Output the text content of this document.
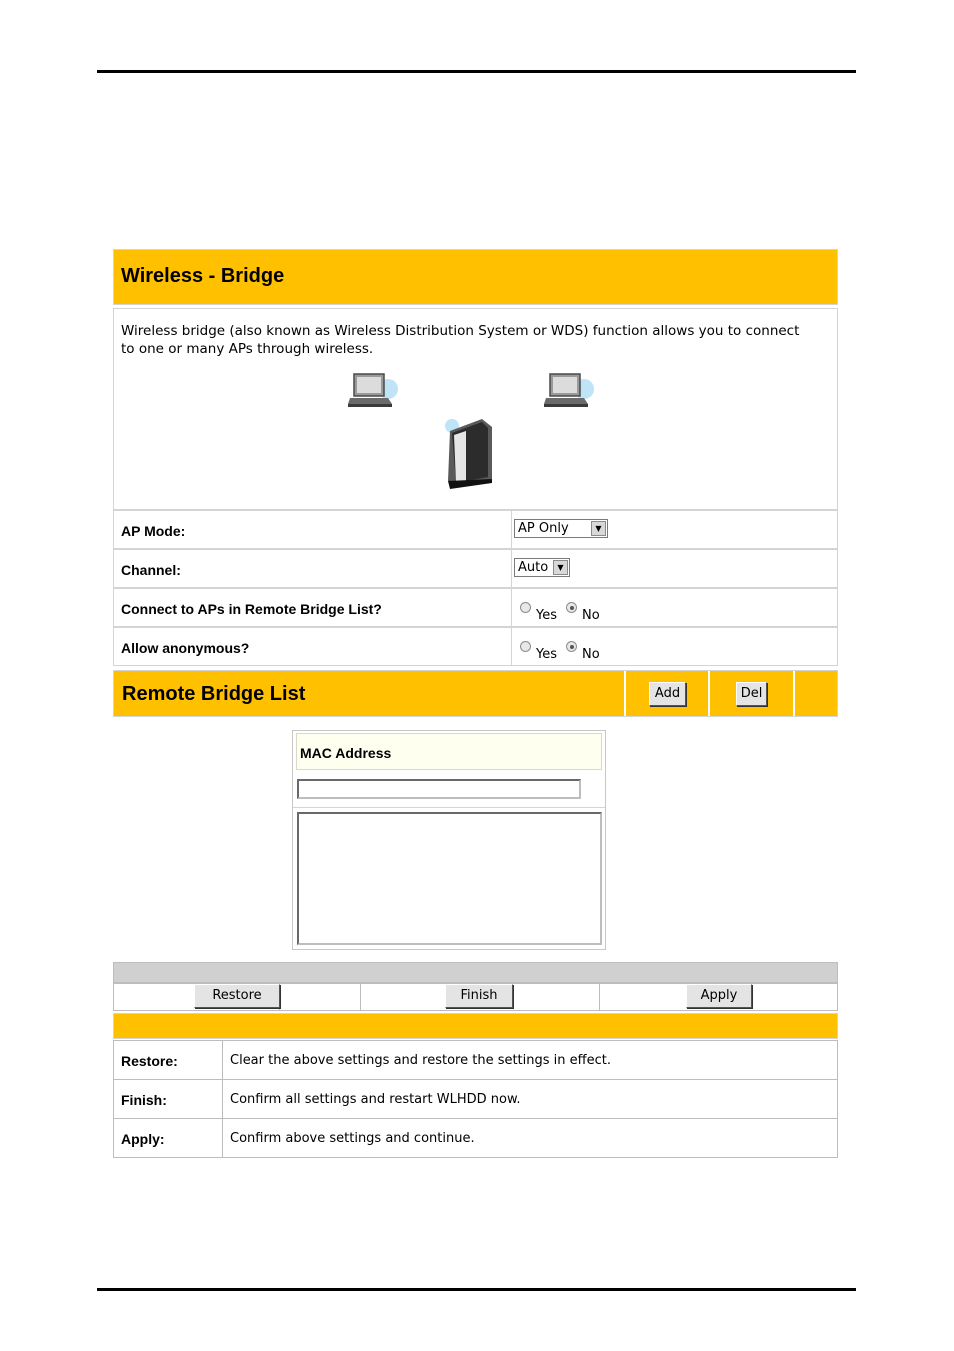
Wireless - Bridge
Wireless bridge (also known as Wireless Distribution System or WDS) function allows you to connect to one or many APs through wireless.
AP Mode:	AP Only	▼
Channel:	Auto	▼
Connect to APs in Remote Bridge List?	Yes No
Allow anonymous?	Yes No
Remote Bridge List	Add	Del
MAC Address
Restore	Finish	Apply
Restore:	Clear the above settings and restore the settings in effect.
Finish:	Confirm all settings and restart WLHDD now.
Apply:	Confirm above settings and continue.
